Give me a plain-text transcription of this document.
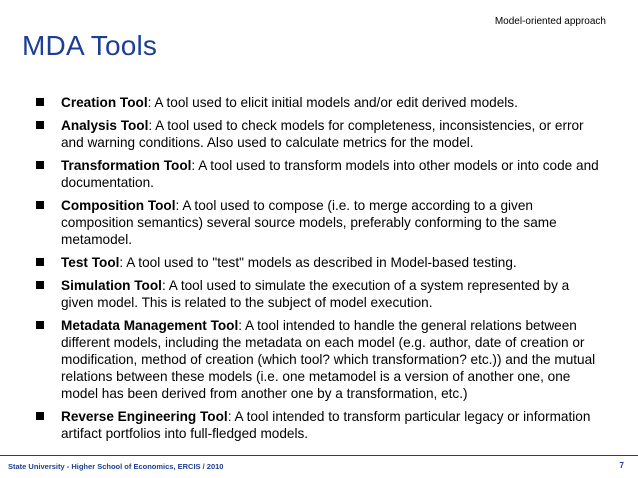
Model-oriented approach
MDA Tools
Creation Tool: A tool used to elicit initial models and/or edit derived models.
Analysis Tool: A tool used to check models for completeness, inconsistencies, or error and warning conditions. Also used to calculate metrics for the model.
Transformation Tool: A tool used to transform models into other models or into code and documentation.
Composition Tool: A tool used to compose (i.e. to merge according to a given composition semantics) several source models, preferably conforming to the same metamodel.
Test Tool: A tool used to "test" models as described in Model-based testing.
Simulation Tool: A tool used to simulate the execution of a system represented by a given model. This is related to the subject of model execution.
Metadata Management Tool: A tool intended to handle the general relations between different models, including the metadata on each model (e.g. author, date of creation or modification, method of creation (which tool? which transformation? etc.)) and the mutual relations between these models (i.e. one metamodel is a version of another one, one model has been derived from another one by a transformation, etc.)
Reverse Engineering Tool: A tool intended to transform particular legacy or information artifact portfolios into full-fledged models.
State University - Higher School of Economics, ERCIS / 2010	7
